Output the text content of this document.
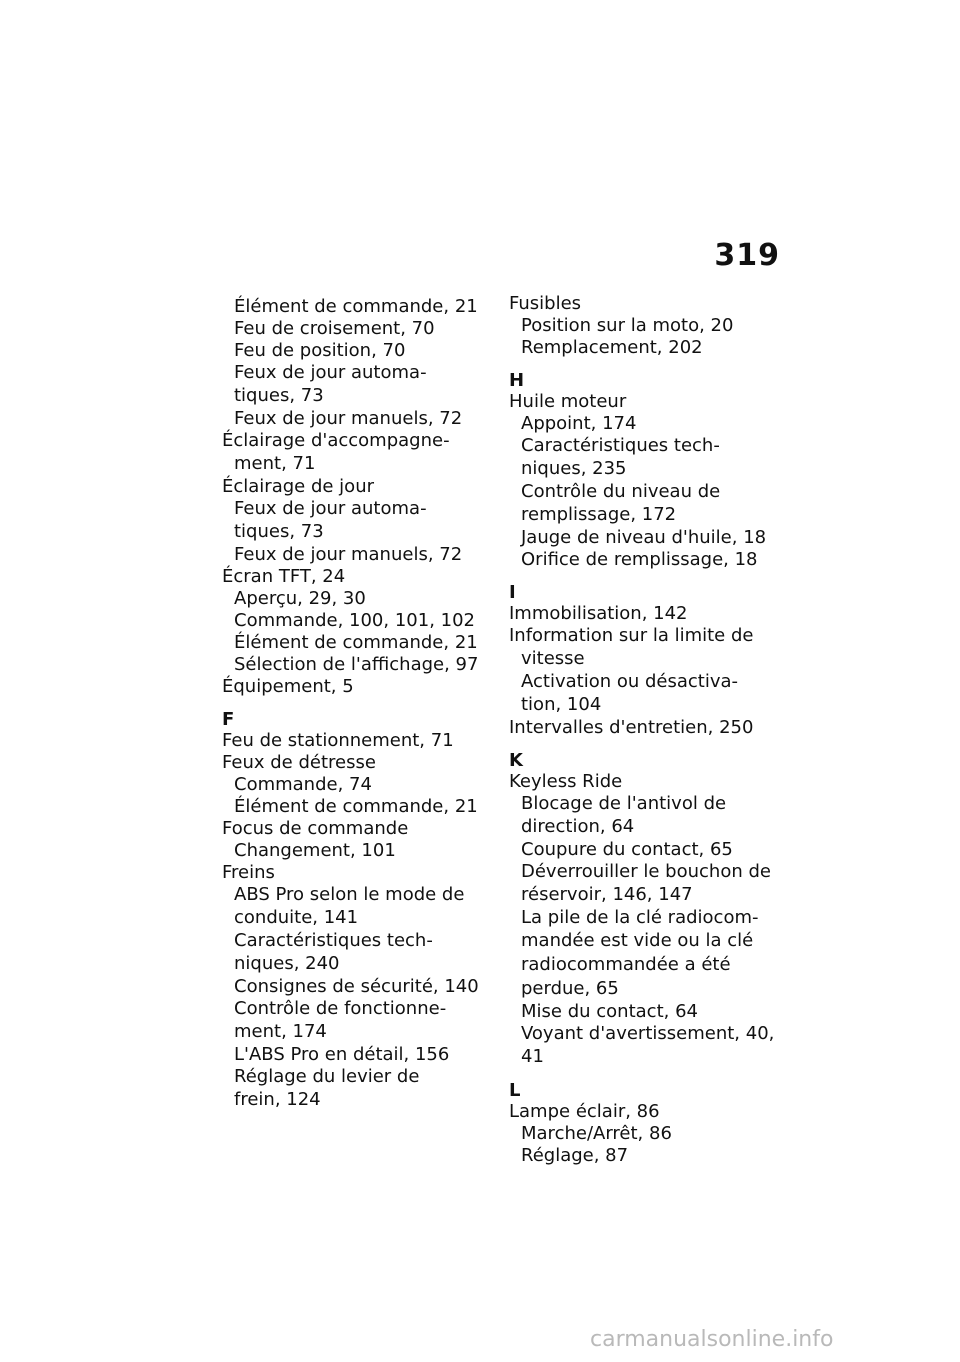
319
Élément de commande, 21
Feu de croisement, 70
Feu de position, 70
Feux de jour automa-
tiques, 73
Feux de jour manuels, 72
Éclairage d'accompagne-
ment, 71
Éclairage de jour
Feux de jour automa-
tiques, 73
Feux de jour manuels, 72
Écran TFT, 24
Aperçu, 29, 30
Commande, 100, 101, 102
Élément de commande, 21
Sélection de l'affichage, 97
Équipement, 5
F
Feu de stationnement, 71
Feux de détresse
Commande, 74
Élément de commande, 21
Focus de commande
Changement, 101
Freins
ABS Pro selon le mode de
conduite, 141
Caractéristiques tech-
niques, 240
Consignes de sécurité, 140
Contrôle de fonctionne-
ment, 174
L'ABS Pro en détail, 156
Réglage du levier de
frein, 124
Fusibles
Position sur la moto, 20
Remplacement, 202
H
Huile moteur
Appoint, 174
Caractéristiques tech-
niques, 235
Contrôle du niveau de
remplissage, 172
Jauge de niveau d'huile, 18
Orifice de remplissage, 18
I
Immobilisation, 142
Information sur la limite de
vitesse
Activation ou désactiva-
tion, 104
Intervalles d'entretien, 250
K
Keyless Ride
Blocage de l'antivol de
direction, 64
Coupure du contact, 65
Déverrouiller le bouchon de
réservoir, 146, 147
La pile de la clé radiocom-
mandée est vide ou la clé
radiocommandée a été
perdue, 65
Mise du contact, 64
Voyant d'avertissement, 40,
41
L
Lampe éclair, 86
Marche/Arrêt, 86
Réglage, 87
carmanualsonline.info
